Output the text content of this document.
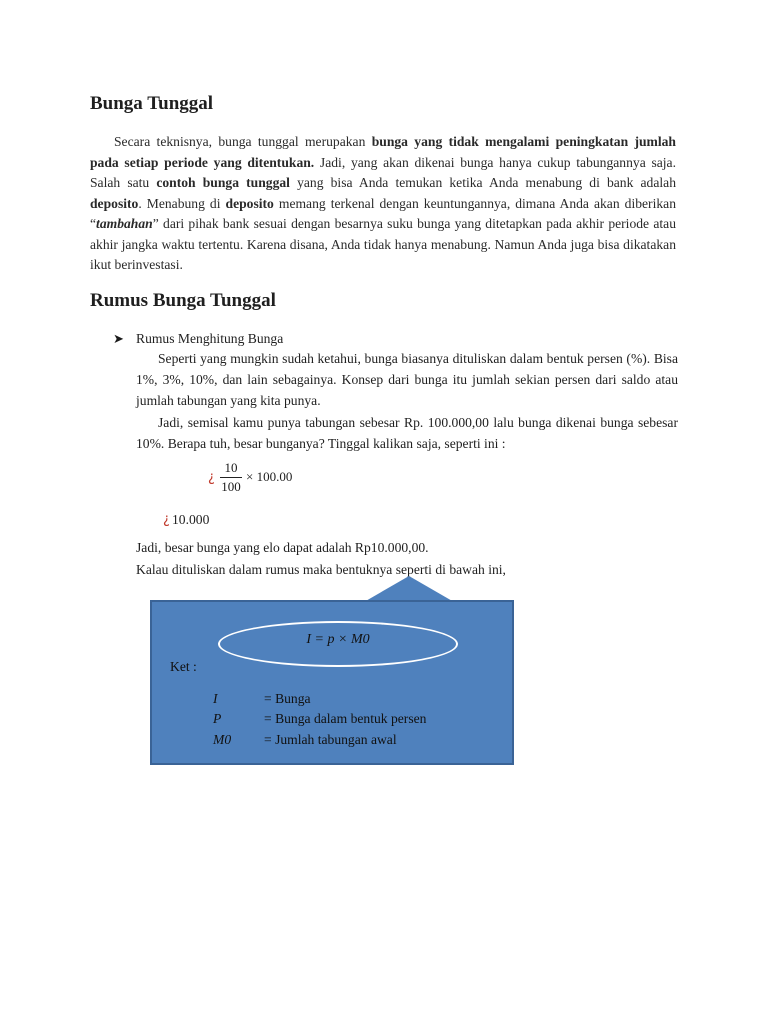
Bunga Tunggal

Secara teknisnya, bunga tunggal merupakan bunga yang tidak mengalami peningkatan jumlah pada setiap periode yang ditentukan. Jadi, yang akan dikenai bunga hanya cukup tabungannya saja. Salah satu contoh bunga tunggal yang bisa Anda temukan ketika Anda menabung di bank adalah deposito. Menabung di deposito memang terkenal dengan keuntungannya, dimana Anda akan diberikan “tambahan” dari pihak bank sesuai dengan besarnya suku bunga yang ditetapkan pada akhir periode atau akhir jangka waktu tertentu. Karena disana, Anda tidak hanya menabung. Namun Anda juga bisa dikatakan ikut berinvestasi.

Rumus Bunga Tunggal
➤ Rumus Menghitung Bunga

Seperti yang mungkin sudah ketahui, bunga biasanya dituliskan dalam bentuk persen (%). Bisa 1%, 3%, 10%, dan lain sebagainya. Konsep dari bunga itu jumlah sekian persen dari saldo atau jumlah tabungan yang kita punya.

Jadi, semisal kamu punya tabungan sebesar Rp. 100.000,00 lalu bunga dikenai bunga sebesar 10%. Berapa tuh, besar bunganya? Tinggal kalikan saja, seperti ini :

¿ $\frac{10}{100} \times 100.00$
¿ 10.000
Jadi, besar bunga yang elo dapat adalah Rp10.000,00.
Kalau dituliskan dalam rumus maka bentuknya seperti di bawah ini,
I = p × M0
Ket :
I	= Bunga
P	= Bunga dalam bentuk persen
M0 = Jumlah tabungan awal
